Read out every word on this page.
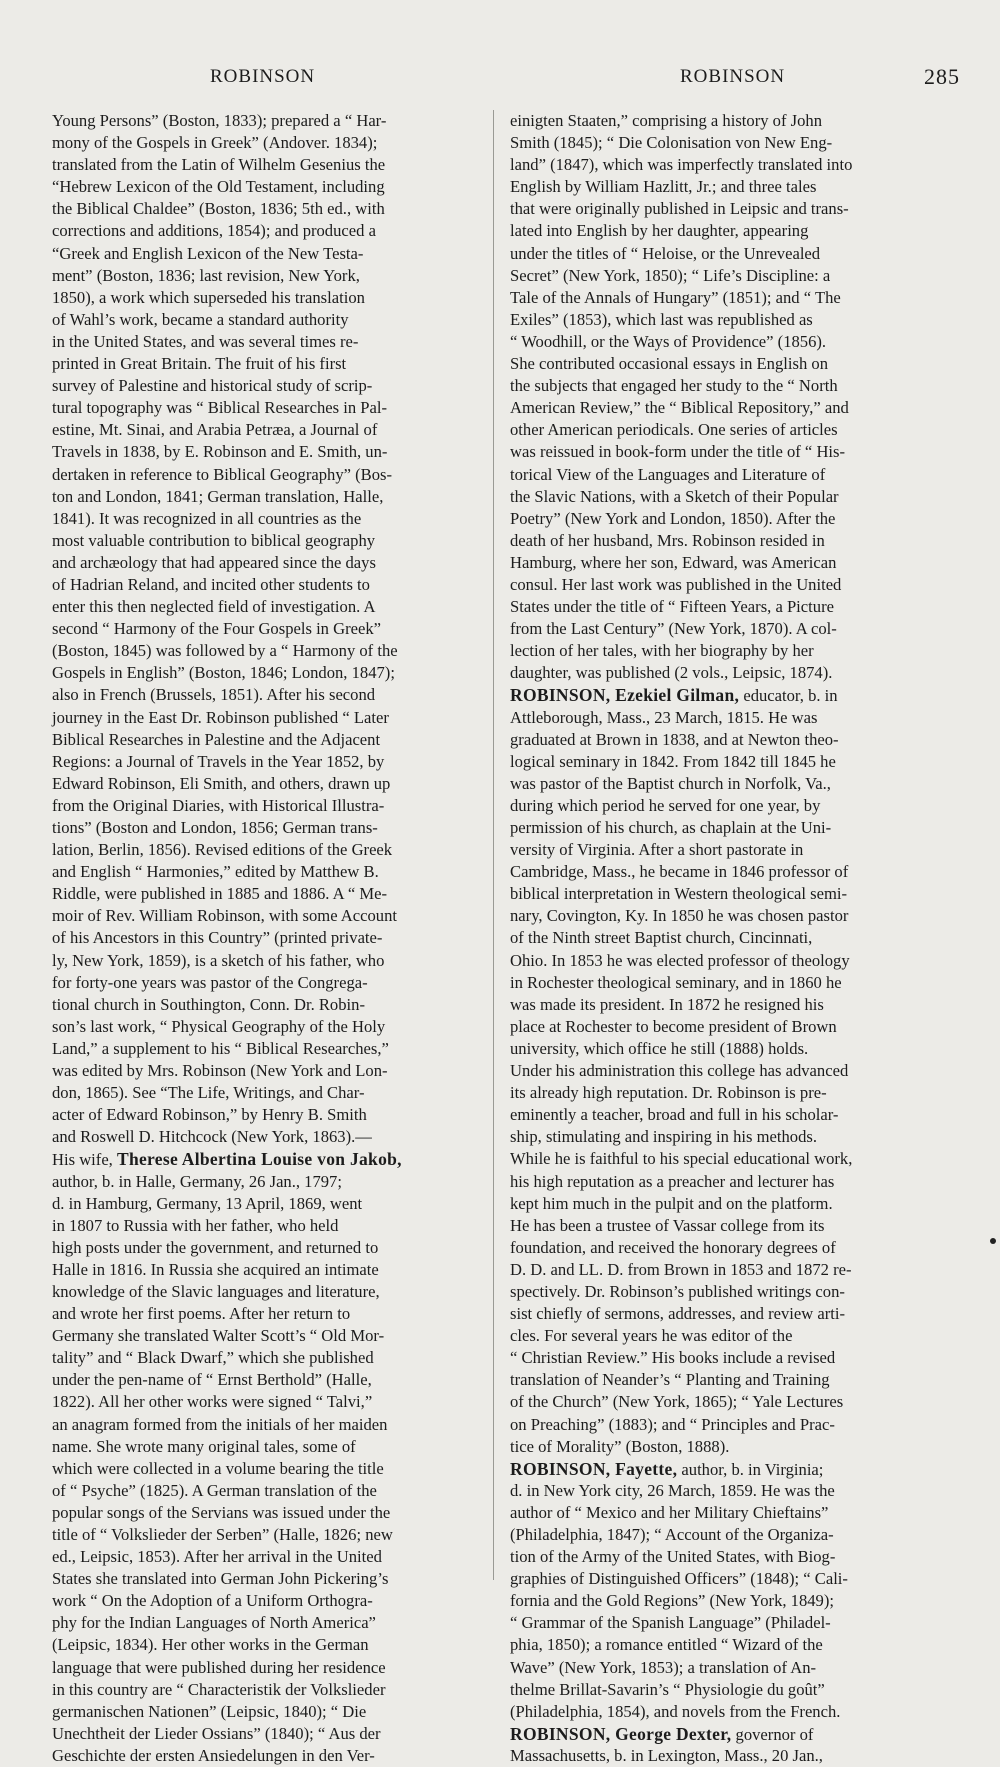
ROBINSON	ROBINSON	285
Young Persons” (Boston, 1833); prepared a “ Har-
mony of the Gospels in Greek” (Andover. 1834);
translated from the Latin of Wilhelm Gesenius the
“Hebrew Lexicon of the Old Testament, including
the Biblical Chaldee” (Boston, 1836; 5th ed., with
corrections and additions, 1854); and produced a
“Greek and English Lexicon of the New Testa-
ment” (Boston, 1836; last revision, New York,
1850), a work which superseded his translation
of Wahl’s work, became a standard authority
in the United States, and was several times re-
printed in Great Britain. The fruit of his first
survey of Palestine and historical study of scrip-
tural topography was “ Biblical Researches in Pal-
estine, Mt. Sinai, and Arabia Petræa, a Journal of
Travels in 1838, by E. Robinson and E. Smith, un-
dertaken in reference to Biblical Geography” (Bos-
ton and London, 1841; German translation, Halle,
1841). It was recognized in all countries as the
most valuable contribution to biblical geography
and archæology that had appeared since the days
of Hadrian Reland, and incited other students to
enter this then neglected field of investigation. A
second “ Harmony of the Four Gospels in Greek”
(Boston, 1845) was followed by a “ Harmony of the
Gospels in English” (Boston, 1846; London, 1847);
also in French (Brussels, 1851). After his second
journey in the East Dr. Robinson published “ Later
Biblical Researches in Palestine and the Adjacent
Regions: a Journal of Travels in the Year 1852, by
Edward Robinson, Eli Smith, and others, drawn up
from the Original Diaries, with Historical Illustra-
tions” (Boston and London, 1856; German trans-
lation, Berlin, 1856). Revised editions of the Greek
and English “ Harmonies,” edited by Matthew B.
Riddle, were published in 1885 and 1886. A “ Me-
moir of Rev. William Robinson, with some Account
of his Ancestors in this Country” (printed private-
ly, New York, 1859), is a sketch of his father, who
for forty-one years was pastor of the Congrega-
tional church in Southington, Conn. Dr. Robin-
son’s last work, “ Physical Geography of the Holy
Land,” a supplement to his “ Biblical Researches,”
was edited by Mrs. Robinson (New York and Lon-
don, 1865). See “The Life, Writings, and Char-
acter of Edward Robinson,” by Henry B. Smith
and Roswell D. Hitchcock (New York, 1863).—
His wife, Therese Albertina Louise von Jakob,
author, b. in Halle, Germany, 26 Jan., 1797;
d. in Hamburg, Germany, 13 April, 1869, went
in 1807 to Russia with her father, who held
high posts under the government, and returned to
Halle in 1816. In Russia she acquired an intimate
knowledge of the Slavic languages and literature,
and wrote her first poems. After her return to
Germany she translated Walter Scott’s “ Old Mor-
tality” and “ Black Dwarf,” which she published
under the pen-name of “ Ernst Berthold” (Halle,
1822). All her other works were signed “ Talvi,”
an anagram formed from the initials of her maiden
name. She wrote many original tales, some of
which were collected in a volume bearing the title
of “ Psyche” (1825). A German translation of the
popular songs of the Servians was issued under the
title of “ Volkslieder der Serben” (Halle, 1826; new
ed., Leipsic, 1853). After her arrival in the United
States she translated into German John Pickering’s
work “ On the Adoption of a Uniform Orthogra-
phy for the Indian Languages of North America”
(Leipsic, 1834). Her other works in the German
language that were published during her residence
in this country are “ Characteristik der Volkslieder
germanischen Nationen” (Leipsic, 1840); “ Die
Unechtheit der Lieder Ossians” (1840); “ Aus der
Geschichte der ersten Ansiedelungen in den Ver-
einigten Staaten,” comprising a history of John
Smith (1845); “ Die Colonisation von New Eng-
land” (1847), which was imperfectly translated into
English by William Hazlitt, Jr.; and three tales
that were originally published in Leipsic and trans-
lated into English by her daughter, appearing
under the titles of “ Heloise, or the Unrevealed
Secret” (New York, 1850); “ Life’s Discipline: a
Tale of the Annals of Hungary” (1851); and “ The
Exiles” (1853), which last was republished as
“ Woodhill, or the Ways of Providence” (1856).
She contributed occasional essays in English on
the subjects that engaged her study to the “ North
American Review,” the “ Biblical Repository,” and
other American periodicals. One series of articles
was reissued in book-form under the title of “ His-
torical View of the Languages and Literature of
the Slavic Nations, with a Sketch of their Popular
Poetry” (New York and London, 1850). After the
death of her husband, Mrs. Robinson resided in
Hamburg, where her son, Edward, was American
consul. Her last work was published in the United
States under the title of “ Fifteen Years, a Picture
from the Last Century” (New York, 1870). A col-
lection of her tales, with her biography by her
daughter, was published (2 vols., Leipsic, 1874).
ROBINSON, Ezekiel Gilman, educator, b. in
Attleborough, Mass., 23 March, 1815. He was
graduated at Brown in 1838, and at Newton theo-
logical seminary in 1842. From 1842 till 1845 he
was pastor of the Baptist church in Norfolk, Va.,
during which period he served for one year, by
permission of his church, as chaplain at the Uni-
versity of Virginia. After a short pastorate in
Cambridge, Mass., he became in 1846 professor of
biblical interpretation in Western theological semi-
nary, Covington, Ky. In 1850 he was chosen pastor
of the Ninth street Baptist church, Cincinnati,
Ohio. In 1853 he was elected professor of theology
in Rochester theological seminary, and in 1860 he
was made its president. In 1872 he resigned his
place at Rochester to become president of Brown
university, which office he still (1888) holds.
Under his administration this college has advanced
its already high reputation. Dr. Robinson is pre-
eminently a teacher, broad and full in his scholar-
ship, stimulating and inspiring in his methods.
While he is faithful to his special educational work,
his high reputation as a preacher and lecturer has
kept him much in the pulpit and on the platform.
He has been a trustee of Vassar college from its
foundation, and received the honorary degrees of
D. D. and LL. D. from Brown in 1853 and 1872 re-
spectively. Dr. Robinson’s published writings con-
sist chiefly of sermons, addresses, and review arti-
cles. For several years he was editor of the
“ Christian Review.” His books include a revised
translation of Neander’s “ Planting and Training
of the Church” (New York, 1865); “ Yale Lectures
on Preaching” (1883); and “ Principles and Prac-
tice of Morality” (Boston, 1888).
ROBINSON, Fayette, author, b. in Virginia;
d. in New York city, 26 March, 1859. He was the
author of “ Mexico and her Military Chieftains”
(Philadelphia, 1847); “ Account of the Organiza-
tion of the Army of the United States, with Biog-
graphies of Distinguished Officers” (1848); “ Cali-
fornia and the Gold Regions” (New York, 1849);
“ Grammar of the Spanish Language” (Philadel-
phia, 1850); a romance entitled “ Wizard of the
Wave” (New York, 1853); a translation of An-
thelme Brillat-Savarin’s “ Physiologie du goût”
(Philadelphia, 1854), and novels from the French.
ROBINSON, George Dexter, governor of
Massachusetts, b. in Lexington, Mass., 20 Jan.,
